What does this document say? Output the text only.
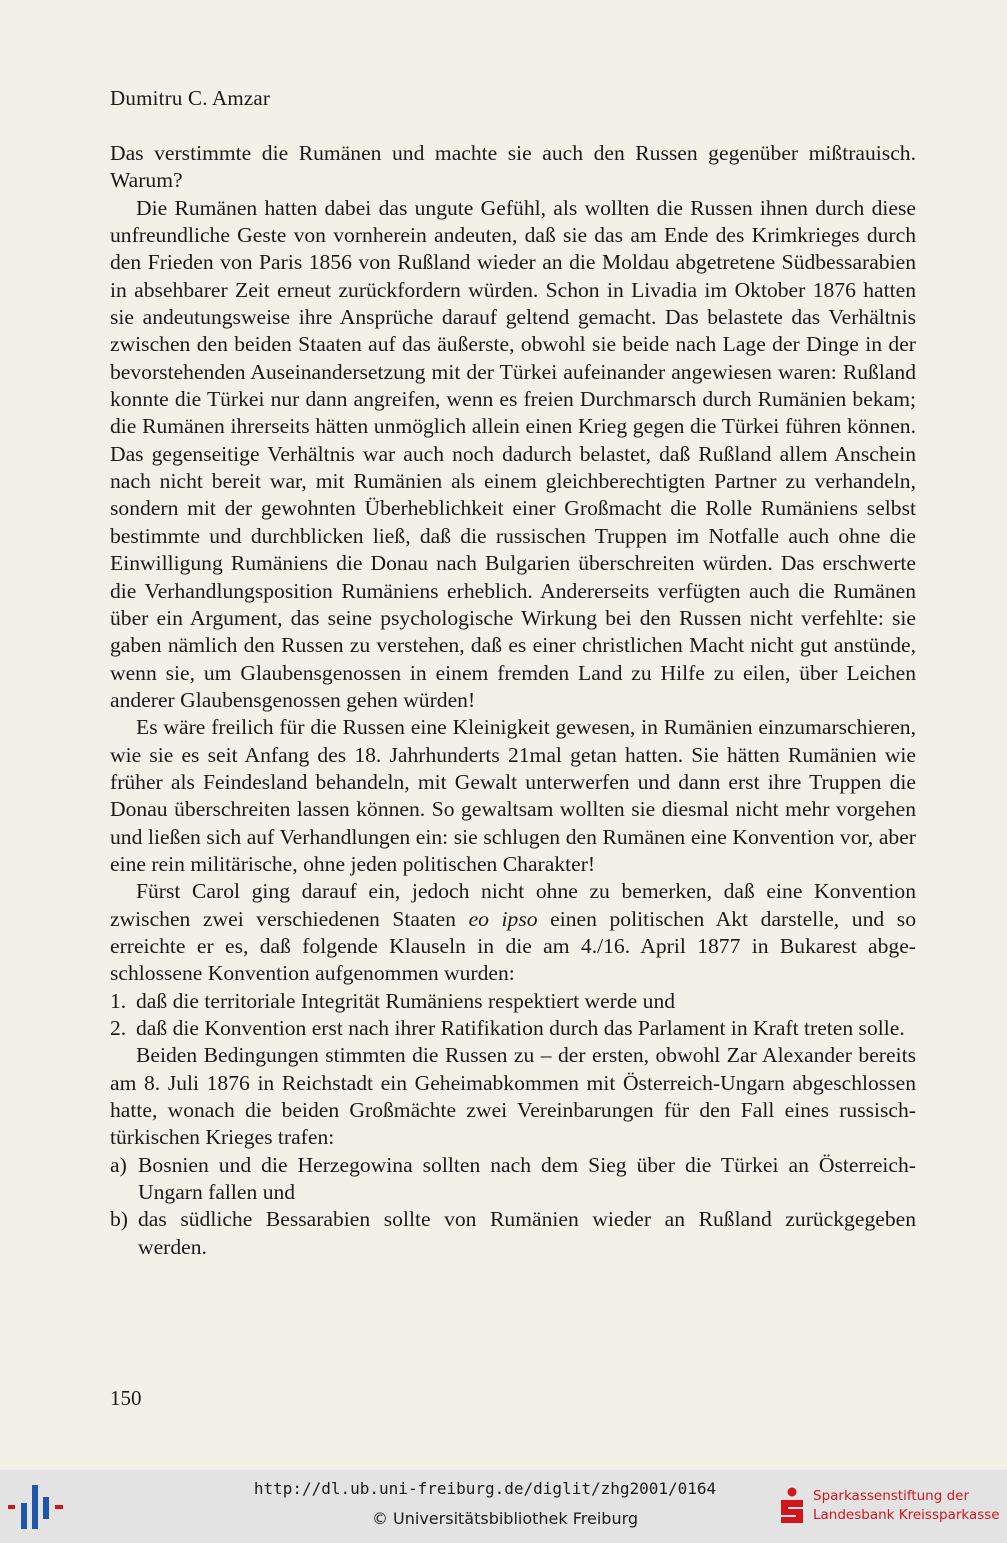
Dumitru C. Amzar

Das verstimmte die Rumänen und machte sie auch den Russen gegenüber mißtrauisch. Warum?

Die Rumänen hatten dabei das ungute Gefühl, als wollten die Russen ihnen durch diese unfreundliche Geste von vornherein andeuten, daß sie das am Ende des Krimkrieges durch den Frieden von Paris 1856 von Rußland wieder an die Moldau abgetretene Südbessarabien in absehbarer Zeit erneut zurückfordern würden. Schon in Livadia im Oktober 1876 hatten sie andeutungsweise ihre Ansprüche darauf geltend gemacht. Das belastete das Verhältnis zwischen den beiden Staaten auf das äußerste, obwohl sie beide nach Lage der Dinge in der bevorstehenden Auseinandersetzung mit der Türkei aufeinander angewiesen waren: Rußland konnte die Türkei nur dann angreifen, wenn es freien Durchmarsch durch Rumänien bekam; die Rumänen ihrerseits hätten unmöglich allein einen Krieg gegen die Türkei führen können. Das gegenseitige Verhältnis war auch noch dadurch belastet, daß Rußland allem Anschein nach nicht bereit war, mit Rumänien als einem gleichberechtigten Partner zu verhandeln, sondern mit der gewohnten Überheblichkeit einer Großmacht die Rolle Rumäniens selbst bestimmte und durchblicken ließ, daß die russischen Truppen im Notfalle auch ohne die Einwilligung Rumäniens die Donau nach Bulgarien überschreiten würden. Das erschwerte die Verhandlungsposition Rumäniens erheblich. Andererseits verfügten auch die Rumänen über ein Argument, das seine psychologische Wirkung bei den Russen nicht verfehlte: sie gaben nämlich den Russen zu verstehen, daß es einer christlichen Macht nicht gut anstünde, wenn sie, um Glaubensgenossen in einem fremden Land zu Hilfe zu eilen, über Leichen anderer Glaubensgenossen gehen würden!

Es wäre freilich für die Russen eine Kleinigkeit gewesen, in Rumänien einzumarschieren, wie sie es seit Anfang des 18. Jahrhunderts 21mal getan hatten. Sie hätten Rumänien wie früher als Feindesland behandeln, mit Gewalt unterwerfen und dann erst ihre Truppen die Donau überschreiten lassen können. So gewaltsam wollten sie diesmal nicht mehr vorgehen und ließen sich auf Verhandlungen ein: sie schlugen den Rumänen eine Konvention vor, aber eine rein militärische, ohne jeden politischen Charakter!

Fürst Carol ging darauf ein, jedoch nicht ohne zu bemerken, daß eine Konvention zwischen zwei verschiedenen Staaten eo ipso einen politischen Akt darstelle, und so erreichte er es, daß folgende Klauseln in die am 4./16. April 1877 in Bukarest abgeschlossene Konvention aufgenommen wurden:

1. daß die territoriale Integrität Rumäniens respektiert werde und
2. daß die Konvention erst nach ihrer Ratifikation durch das Parlament in Kraft treten solle.

Beiden Bedingungen stimmten die Russen zu – der ersten, obwohl Zar Alexander bereits am 8. Juli 1876 in Reichstadt ein Geheimabkommen mit Österreich-Ungarn abgeschlossen hatte, wonach die beiden Großmächte zwei Vereinbarungen für den Fall eines russisch-türkischen Krieges trafen:

a) Bosnien und die Herzegowina sollten nach dem Sieg über die Türkei an Österreich-Ungarn fallen und
b) das südliche Bessarabien sollte von Rumänien wieder an Rußland zurückgegeben werden.
150
http://dl.ub.uni-freiburg.de/diglit/zhg2001/0164
© Universitätsbibliothek Freiburg
Sparkassenstiftung der
Landesbank Kreissparkasse
